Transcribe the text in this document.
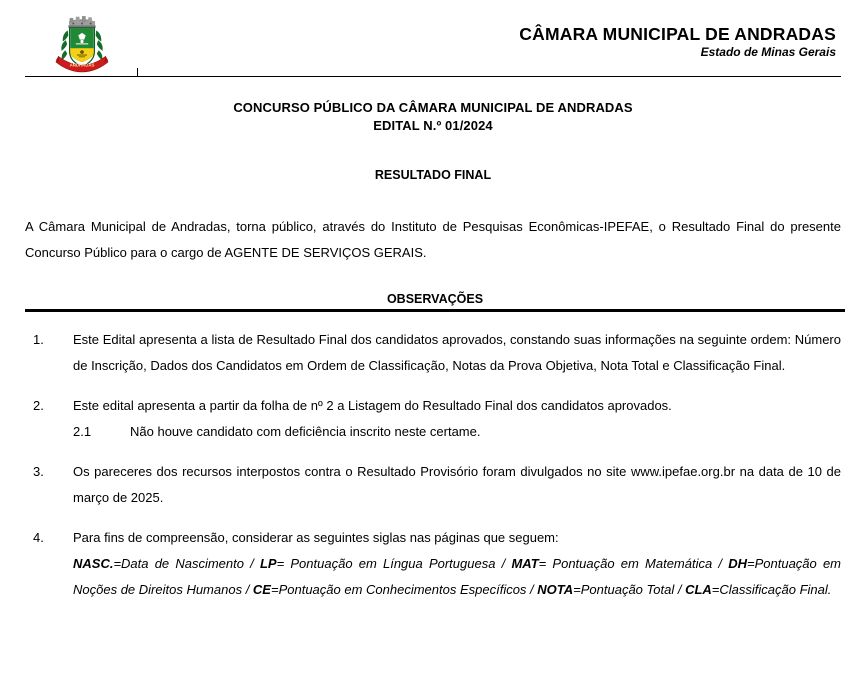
ANDRADAS
CÂMARA MUNICIPAL DE ANDRADAS
Estado de Minas Gerais
CONCURSO PÚBLICO DA CÂMARA MUNICIPAL DE ANDRADAS
EDITAL N.º 01/2024
RESULTADO FINAL

A Câmara Municipal de Andradas, torna público, através do Instituto de Pesquisas Econômicas-IPEFAE, o Resultado Final do presente Concurso Público para o cargo de AGENTE DE SERVIÇOS GERAIS.

OBSERVAÇÕES
1.	Este Edital apresenta a lista de Resultado Final dos candidatos aprovados, constando suas informações na seguinte ordem: Número de Inscrição, Dados dos Candidatos em Ordem de Classificação, Notas da Prova Objetiva, Nota Total e Classificação Final.
2.	Este edital apresenta a partir da folha de nº 2 a Listagem do Resultado Final dos candidatos aprovados.
2.1	Não houve candidato com deficiência inscrito neste certame.
3.	Os pareceres dos recursos interpostos contra o Resultado Provisório foram divulgados no site www.ipefae.org.br na data de 10 de março de 2025.
4.	Para fins de compreensão, considerar as seguintes siglas nas páginas que seguem:
NASC.=Data de Nascimento / LP= Pontuação em Língua Portuguesa / MAT= Pontuação em Matemática / DH=Pontuação em Noções de Direitos Humanos / CE=Pontuação em Conhecimentos Específicos / NOTA=Pontuação Total / CLA=Classificação Final.
